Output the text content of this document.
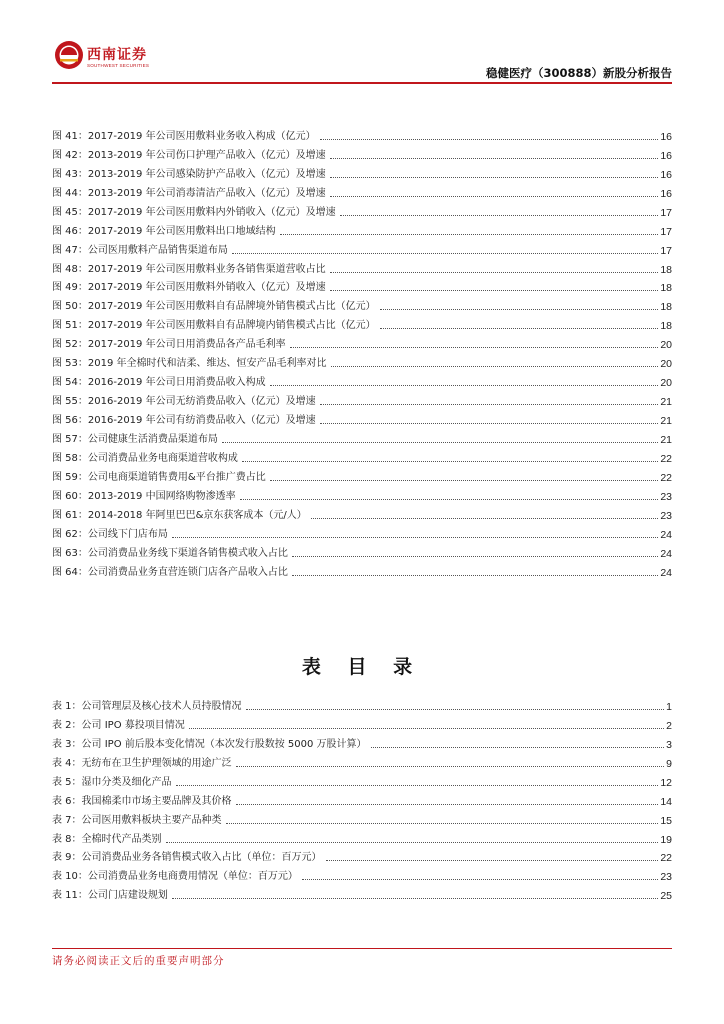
西南证券
SOUTHWEST SECURITIES
稳健医疗（300888）新股分析报告
图 41：2017-2019 年公司医用敷料业务收入构成（亿元）	16
图 42：2013-2019 年公司伤口护理产品收入（亿元）及增速	16
图 43：2013-2019 年公司感染防护产品收入（亿元）及增速	16
图 44：2013-2019 年公司消毒清洁产品收入（亿元）及增速	16
图 45：2017-2019 年公司医用敷料内外销收入（亿元）及增速	17
图 46：2017-2019 年公司医用敷料出口地域结构	17
图 47：公司医用敷料产品销售渠道布局	17
图 48：2017-2019 年公司医用敷料业务各销售渠道营收占比	18
图 49：2017-2019 年公司医用敷料外销收入（亿元）及增速	18
图 50：2017-2019 年公司医用敷料自有品牌境外销售模式占比（亿元）	18
图 51：2017-2019 年公司医用敷料自有品牌境内销售模式占比（亿元）	18
图 52：2017-2019 年公司日用消费品各产品毛利率	20
图 53：2019 年全棉时代和洁柔、维达、恒安产品毛利率对比	20
图 54：2016-2019 年公司日用消费品收入构成	20
图 55：2016-2019 年公司无纺消费品收入（亿元）及增速	21
图 56：2016-2019 年公司有纺消费品收入（亿元）及增速	21
图 57：公司健康生活消费品渠道布局	21
图 58：公司消费品业务电商渠道营收构成	22
图 59：公司电商渠道销售费用&平台推广费占比	22
图 60：2013-2019 中国网络购物渗透率	23
图 61：2014-2018 年阿里巴巴&京东获客成本（元/人）	23
图 62：公司线下门店布局	24
图 63：公司消费品业务线下渠道各销售模式收入占比	24
图 64：公司消费品业务直营连锁门店各产品收入占比	24
表 目 录
表 1：公司管理层及核心技术人员持股情况	1
表 2：公司 IPO 募投项目情况	2
表 3：公司 IPO 前后股本变化情况（本次发行股数按 5000 万股计算）	3
表 4：无纺布在卫生护理领域的用途广泛	9
表 5：湿巾分类及细化产品	12
表 6：我国棉柔巾市场主要品牌及其价格	14
表 7：公司医用敷料板块主要产品种类	15
表 8：全棉时代产品类别	19
表 9：公司消费品业务各销售模式收入占比（单位：百万元）	22
表 10：公司消费品业务电商费用情况（单位：百万元）	23
表 11：公司门店建设规划	25
请务必阅读正文后的重要声明部分
